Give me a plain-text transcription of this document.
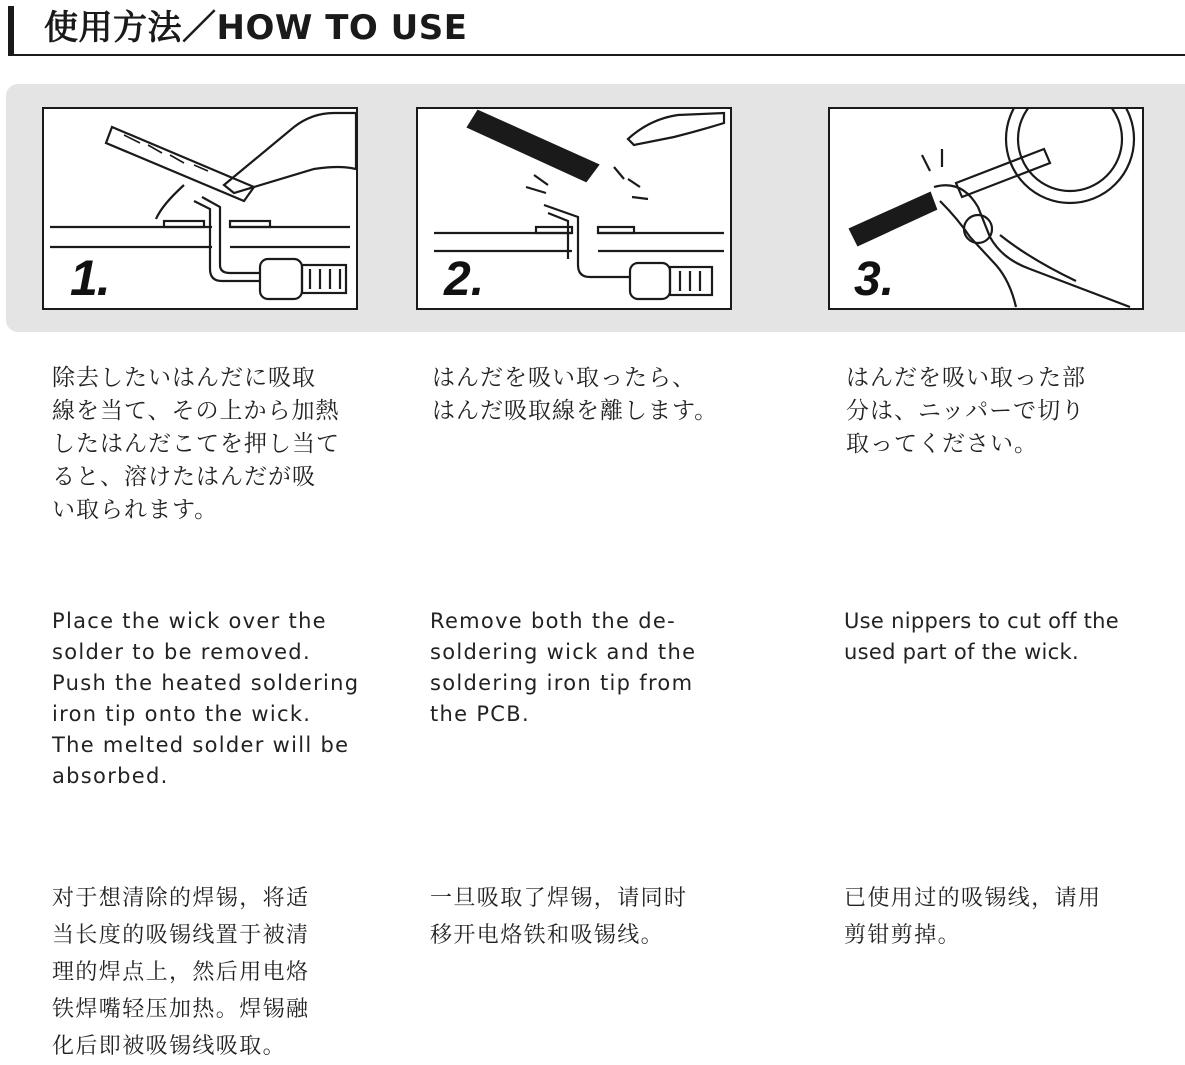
使用方法／HOW TO USE
1.	2.	3.

除去したいはんだに吸取
線を当て、その上から加熱
したはんだこてを押し当て
ると、溶けたはんだが吸
い取られます。

Place the wick over the
solder to be removed.
Push the heated soldering
iron tip onto the wick.
The melted solder will be
absorbed.

对于想清除的焊锡，将适
当长度的吸锡线置于被清
理的焊点上，然后用电烙
铁焊嘴轻压加热。焊锡融
化后即被吸锡线吸取。

はんだを吸い取ったら、
はんだ吸取線を離します。

Remove both the de-
soldering wick and the
soldering iron tip from
the PCB.

一旦吸取了焊锡，请同时
移开电烙铁和吸锡线。

はんだを吸い取った部
分は、ニッパーで切り
取ってください。

Use nippers to cut off the
used part of the wick.

已使用过的吸锡线，请用
剪钳剪掉。
